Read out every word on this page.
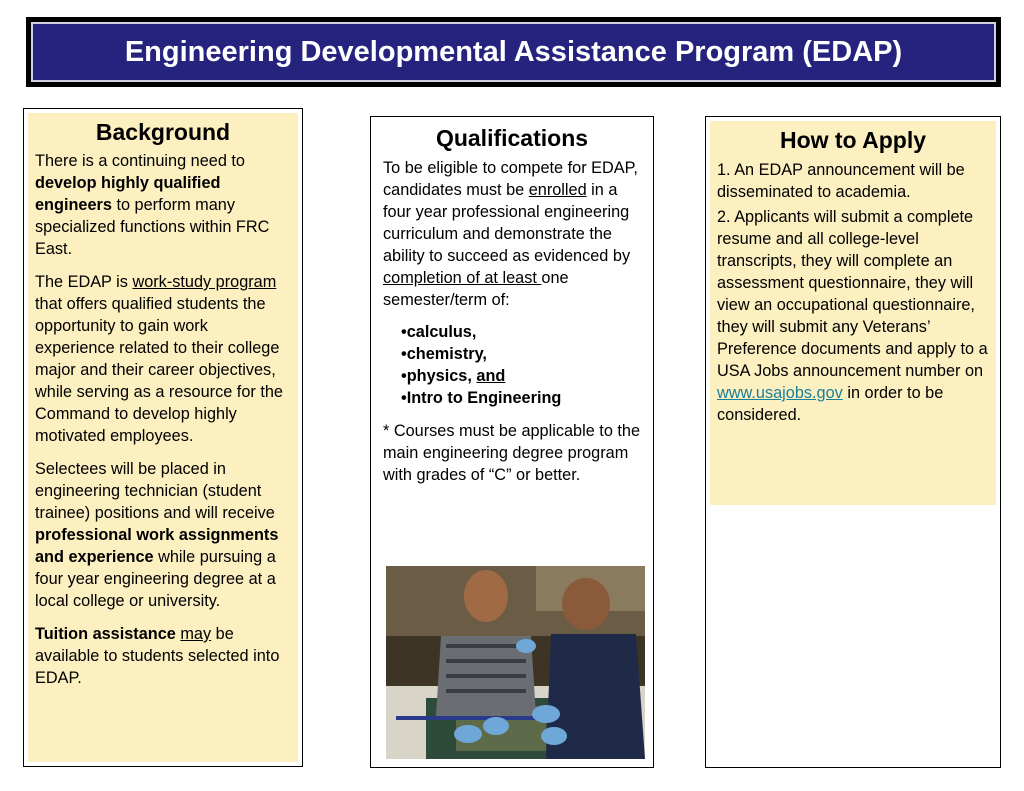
Engineering Developmental Assistance Program (EDAP)
Background

There is a continuing need to develop highly qualified engineers to perform many specialized functions within FRC East.

The EDAP is work-study program that offers qualified students the opportunity to gain work experience related to their college major and their career objectives, while serving as a resource for the Command to develop highly motivated employees.

Selectees will be placed in engineering technician (student trainee) positions and will receive professional work assignments and experience while pursuing a four year engineering degree at a local college or university.

Tuition assistance may be available to students selected into EDAP.

Qualifications

To be eligible to compete for EDAP, candidates must be enrolled in a four year professional engineering curriculum and demonstrate the ability to succeed as evidenced by completion of at least one semester/term of:

•calculus,
•chemistry,
•physics, and
•Intro to Engineering

* Courses must be applicable to the main engineering degree program with grades of “C” or better.

How to Apply

1. An EDAP announcement will be disseminated to academia.

2. Applicants will submit a complete resume and all college-level transcripts, they will complete an assessment questionnaire, they will view an occupational questionnaire, they will submit any Veterans’ Preference documents and apply to a USA Jobs announcement number on www.usajobs.gov in order to be considered.
